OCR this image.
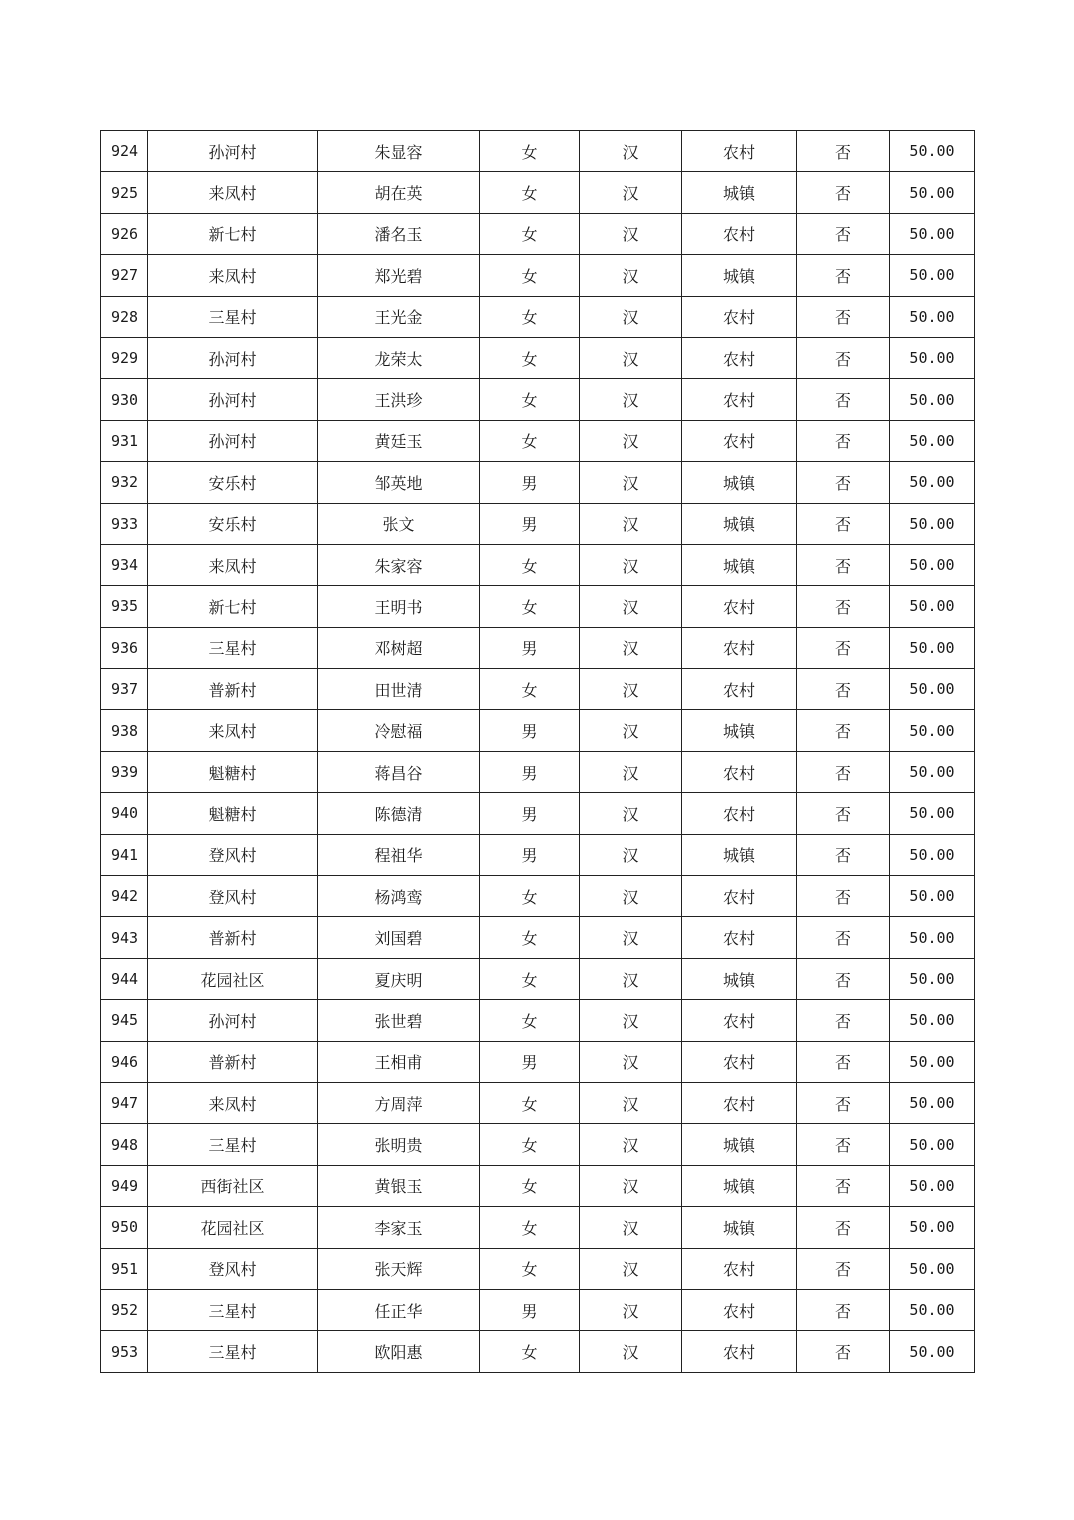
924	孙河村	朱显容	女	汉	农村	否	50.00
925	来凤村	胡在英	女	汉	城镇	否	50.00
926	新七村	潘名玉	女	汉	农村	否	50.00
927	来凤村	郑光碧	女	汉	城镇	否	50.00
928	三星村	王光金	女	汉	农村	否	50.00
929	孙河村	龙荣太	女	汉	农村	否	50.00
930	孙河村	王洪珍	女	汉	农村	否	50.00
931	孙河村	黄廷玉	女	汉	农村	否	50.00
932	安乐村	邹英地	男	汉	城镇	否	50.00
933	安乐村	张文	男	汉	城镇	否	50.00
934	来凤村	朱家容	女	汉	城镇	否	50.00
935	新七村	王明书	女	汉	农村	否	50.00
936	三星村	邓树超	男	汉	农村	否	50.00
937	普新村	田世清	女	汉	农村	否	50.00
938	来凤村	冷慰福	男	汉	城镇	否	50.00
939	魁糖村	蒋昌谷	男	汉	农村	否	50.00
940	魁糖村	陈德清	男	汉	农村	否	50.00
941	登风村	程祖华	男	汉	城镇	否	50.00
942	登风村	杨鸿鸾	女	汉	农村	否	50.00
943	普新村	刘国碧	女	汉	农村	否	50.00
944	花园社区	夏庆明	女	汉	城镇	否	50.00
945	孙河村	张世碧	女	汉	农村	否	50.00
946	普新村	王相甫	男	汉	农村	否	50.00
947	来凤村	方周萍	女	汉	农村	否	50.00
948	三星村	张明贵	女	汉	城镇	否	50.00
949	西街社区	黄银玉	女	汉	城镇	否	50.00
950	花园社区	李家玉	女	汉	城镇	否	50.00
951	登风村	张天辉	女	汉	农村	否	50.00
952	三星村	任正华	男	汉	农村	否	50.00
953	三星村	欧阳惠	女	汉	农村	否	50.00
